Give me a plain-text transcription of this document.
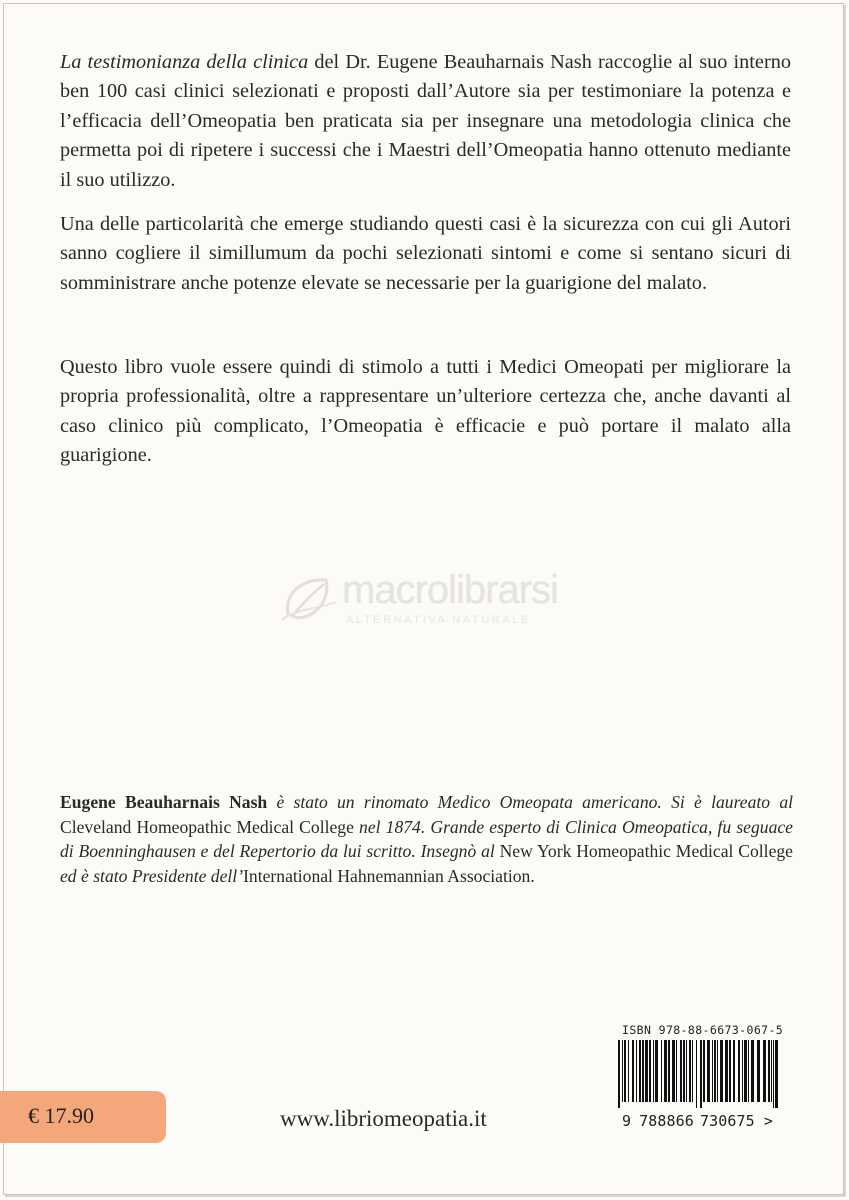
La testimonianza della clinica del Dr. Eugene Beauharnais Nash raccoglie al suo interno ben 100 casi clinici selezionati e proposti dall’Autore sia per testimoniare la potenza e l’efficacia dell’Omeopatia ben praticata sia per insegnare una metodologia clinica che permetta poi di ripetere i successi che i Maestri dell’Omeopatia hanno ottenuto mediante il suo utilizzo.

Una delle particolarità che emerge studiando questi casi è la sicurezza con cui gli Autori sanno cogliere il simillumum da pochi selezionati sintomi e come si sentano sicuri di somministrare anche potenze elevate se necessarie per la guarigione del malato.

Questo libro vuole essere quindi di stimolo a tutti i Medici Omeopati per migliorare la propria professionalità, oltre a rappresentare un’ulteriore certezza che, anche davanti al caso clinico più complicato, l’Omeopatia è efficacie e può portare il malato alla guarigione.

macrolibrarsi
ALTERNATIVA NATURALE

Eugene Beauharnais Nash è stato un rinomato Medico Omeopata americano. Si è laureato al Cleveland Homeopathic Medical College nel 1874. Grande esperto di Clinica Omeopatica, fu seguace di Boenninghausen e del Repertorio da lui scritto. Insegnò al New York Homeopathic Medical College ed è stato Presidente dell’International Hahnemannian Association.

€ 17.90	www.libriomeopatia.it
ISBN 978-88-6673-067-5
9 788866 730675 >
